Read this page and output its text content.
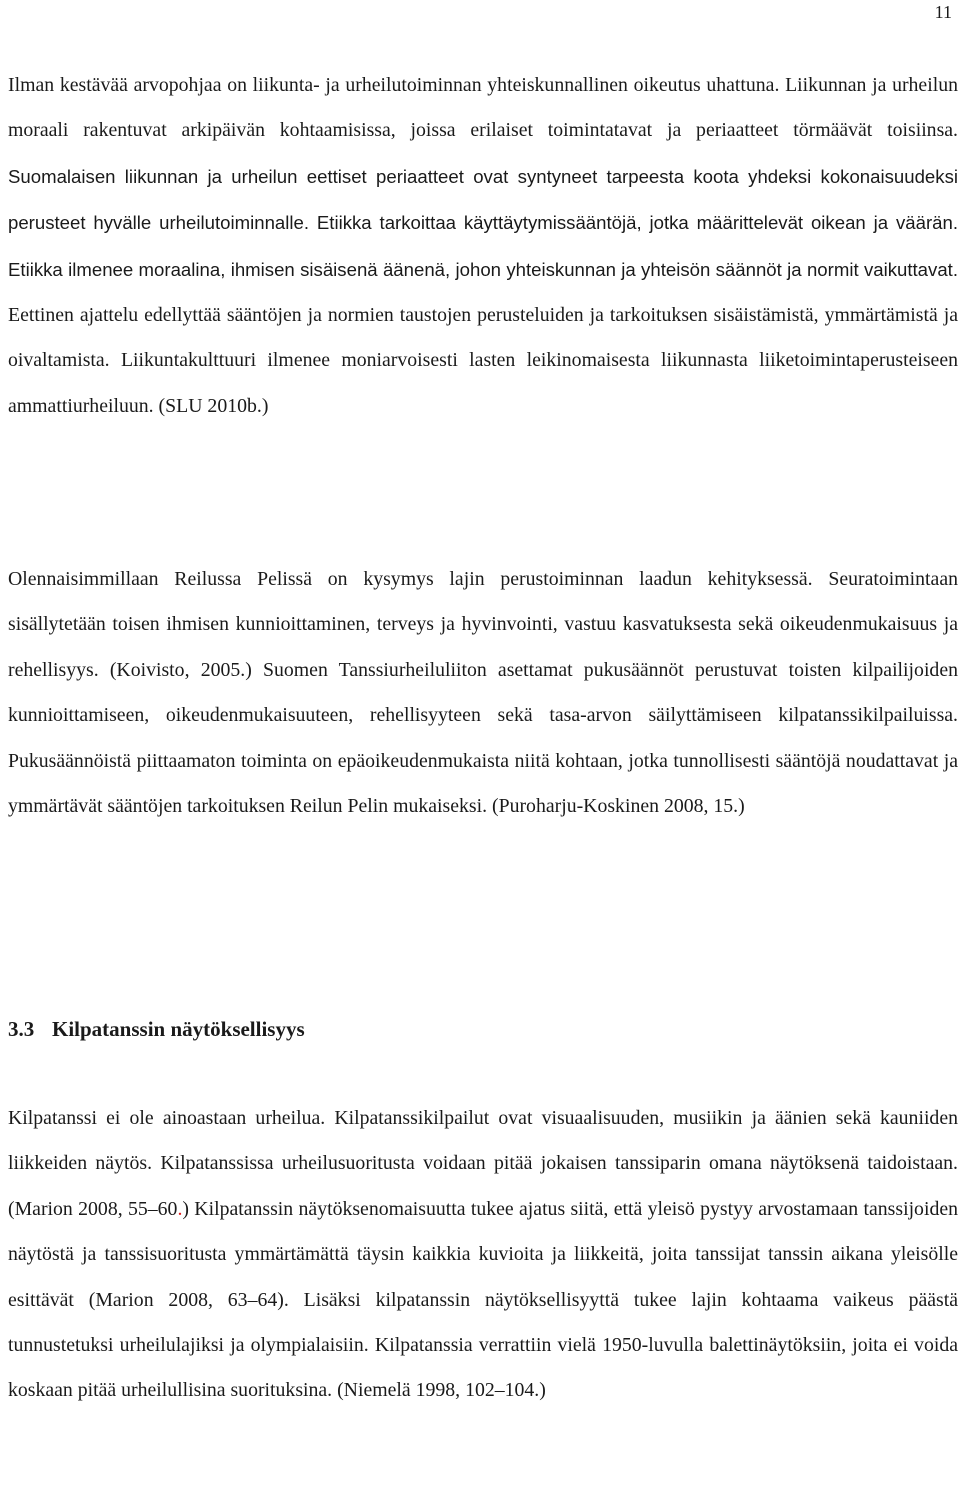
11

Ilman kestävää arvopohjaa on liikunta- ja urheilutoiminnan yhteiskunnallinen oikeutus uhattuna. Liikunnan ja urheilun moraali rakentuvat arkipäivän kohtaamisissa, joissa erilaiset toimintatavat ja periaatteet törmäävät toisiinsa. Suomalaisen liikunnan ja urheilun eettiset periaatteet ovat syntyneet tarpeesta koota yhdeksi kokonaisuudeksi perusteet hyvälle urheilutoiminnalle. Etiikka tarkoittaa käyttäytymissääntöjä, jotka määrittelevät oikean ja väärän. Etiikka ilmenee moraalina, ihmisen sisäisenä äänenä, johon yhteiskunnan ja yhteisön säännöt ja normit vaikuttavat. Eettinen ajattelu edellyttää sääntöjen ja normien taustojen perusteluiden ja tarkoituksen sisäistämistä, ymmärtämistä ja oivaltamista. Liikuntakulttuuri ilmenee moniarvoisesti lasten leikinomaisesta liikunnasta liiketoimintaperusteiseen ammattiurheiluun. (SLU 2010b.)

Olennaisimmillaan Reilussa Pelissä on kysymys lajin perustoiminnan laadun kehityksessä. Seuratoimintaan sisällytetään toisen ihmisen kunnioittaminen, terveys ja hyvinvointi, vastuu kasvatuksesta sekä oikeudenmukaisuus ja rehellisyys. (Koivisto, 2005.) Suomen Tanssiurheiluliiton asettamat pukusäännöt perustuvat toisten kilpailijoiden kunnioittamiseen, oikeudenmukaisuuteen, rehellisyyteen sekä tasa-arvon säilyttämiseen kilpatanssikilpailuissa. Pukusäännöistä piittaamaton toiminta on epäoikeudenmukaista niitä kohtaan, jotka tunnollisesti sääntöjä noudattavat ja ymmärtävät sääntöjen tarkoituksen Reilun Pelin mukaiseksi. (Puroharju-Koskinen 2008, 15.)

3.3 Kilpatanssin näytöksellisyys

Kilpatanssi ei ole ainoastaan urheilua. Kilpatanssikilpailut ovat visuaalisuuden, musiikin ja äänien sekä kauniiden liikkeiden näytös. Kilpatanssissa urheilusuoritusta voidaan pitää jokaisen tanssiparin omana näytöksenä taidoistaan. (Marion 2008, 55–60.) Kilpatanssin näytöksenomaisuutta tukee ajatus siitä, että yleisö pystyy arvostamaan tanssijoiden näytöstä ja tanssisuoritusta ymmärtämättä täysin kaikkia kuvioita ja liikkeitä, joita tanssijat tanssin aikana yleisölle esittävät (Marion 2008, 63–64). Lisäksi kilpatanssin näytöksellisyyttä tukee lajin kohtaama vaikeus päästä tunnustetuksi urheilulajiksi ja olympialaisiin. Kilpatanssia verrattiin vielä 1950-luvulla balettinäytöksiin, joita ei voida koskaan pitää urheilullisina suorituksina. (Niemelä 1998, 102–104.)
